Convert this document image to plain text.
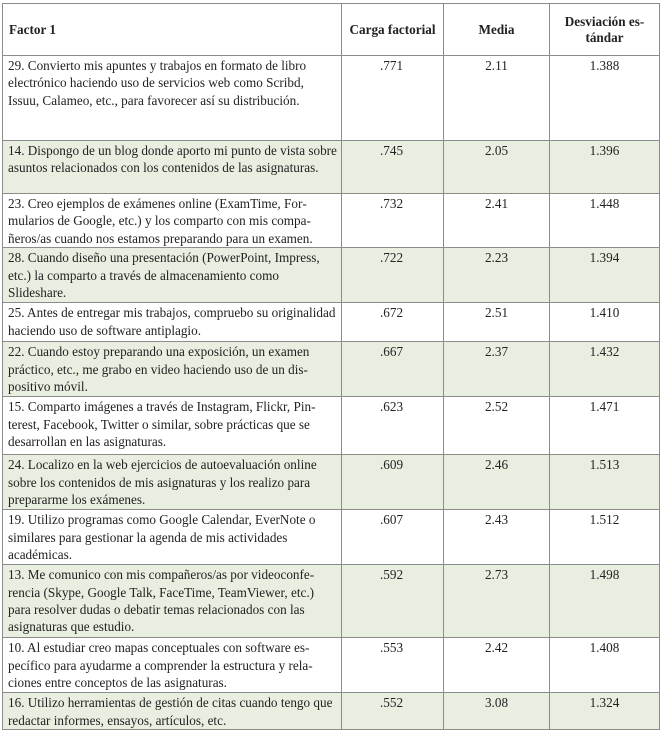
Factor 1	Carga factorial	Media	Desviación estándar
29. Convierto mis apuntes y trabajos en formato de libro electrónico haciendo uso de servicios web como Scribd, Issuu, Calameo, etc., para favorecer así su distribución.	.771	2.11	1.388
14. Dispongo de un blog donde aporto mi punto de vista sobre asuntos relacionados con los contenidos de las asignaturas.	.745	2.05	1.396
23. Creo ejemplos de exámenes online (ExamTime, Formularios de Google, etc.) y los comparto con mis compañeros/as cuando nos estamos preparando para un examen.	.732	2.41	1.448
28. Cuando diseño una presentación (PowerPoint, Impress, etc.) la comparto a través de almacenamiento como Slideshare.	.722	2.23	1.394
25. Antes de entregar mis trabajos, compruebo su originalidad haciendo uso de software antiplagio.	.672	2.51	1.410
22. Cuando estoy preparando una exposición, un examen práctico, etc., me grabo en video haciendo uso de un dispositivo móvil.	.667	2.37	1.432
15. Comparto imágenes a través de Instagram, Flickr, Pinterest, Facebook, Twitter o similar, sobre prácticas que se desarrollan en las asignaturas.	.623	2.52	1.471
24. Localizo en la web ejercicios de autoevaluación online sobre los contenidos de mis asignaturas y los realizo para prepararme los exámenes.	.609	2.46	1.513
19. Utilizo programas como Google Calendar, EverNote o similares para gestionar la agenda de mis actividades académicas.	.607	2.43	1.512
13. Me comunico con mis compañeros/as por videoconferencia (Skype, Google Talk, FaceTime, TeamViewer, etc.) para resolver dudas o debatir temas relacionados con las asignaturas que estudio.	.592	2.73	1.498
10. Al estudiar creo mapas conceptuales con software específico para ayudarme a comprender la estructura y relaciones entre conceptos de las asignaturas.	.553	2.42	1.408
16. Utilizo herramientas de gestión de citas cuando tengo que redactar informes, ensayos, artículos, etc.	.552	3.08	1.324
